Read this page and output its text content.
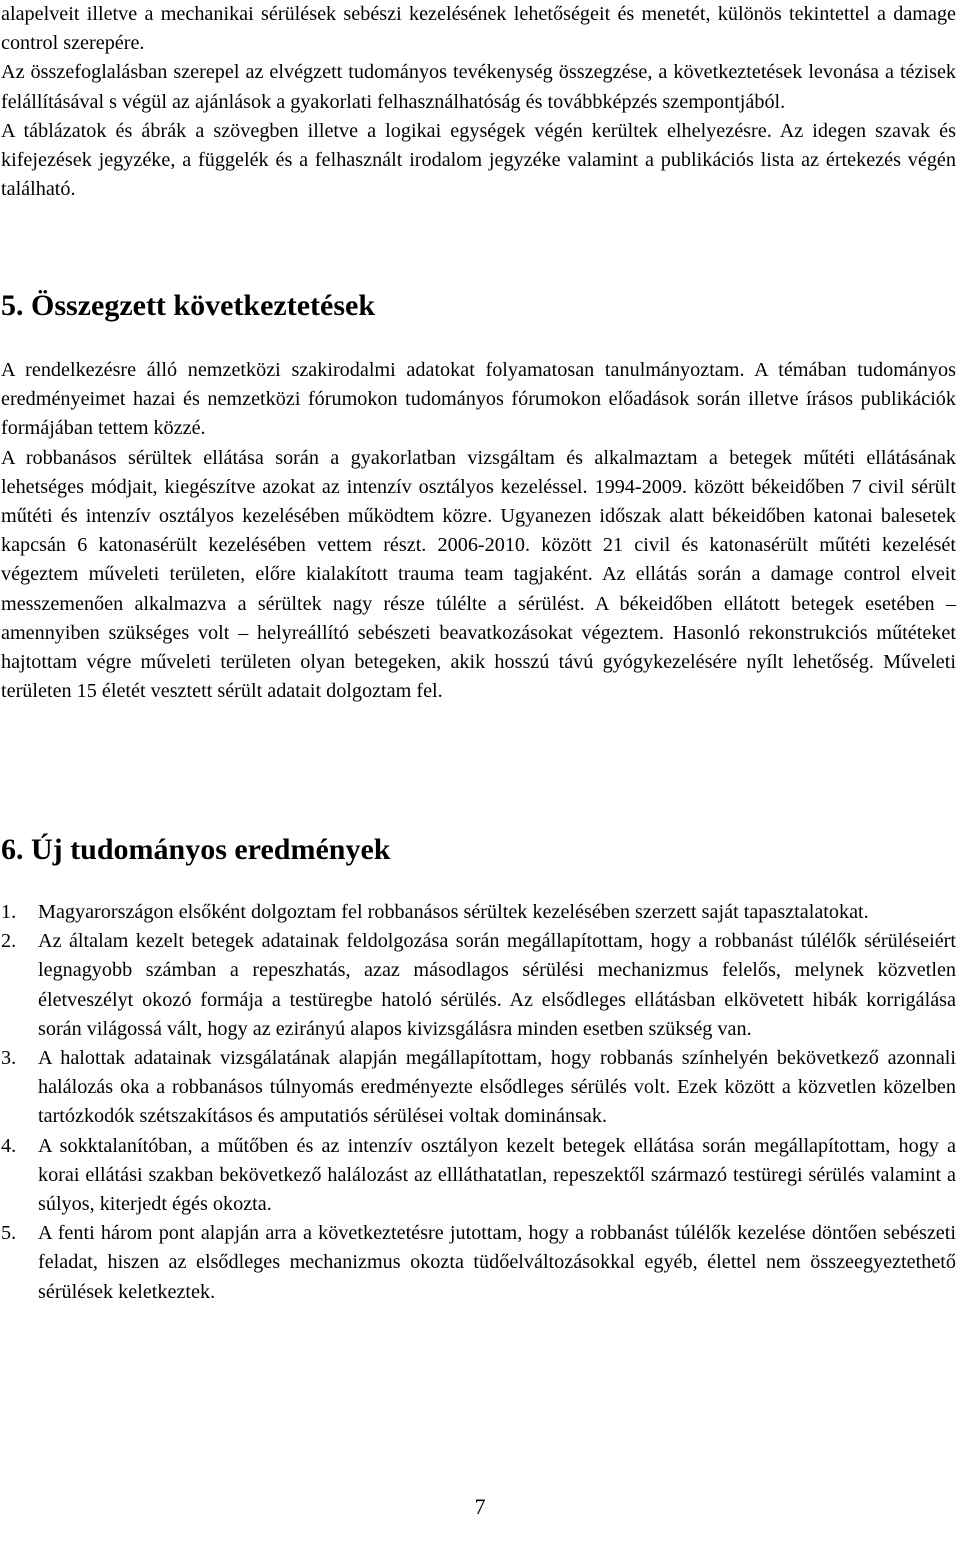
alapelveit illetve a mechanikai sérülések sebészi kezelésének lehetőségeit és menetét, különös tekintettel a damage control szerepére.

Az összefoglalásban szerepel az elvégzett tudományos tevékenység összegzése, a következtetések levonása a tézisek felállításával s végül az ajánlások a gyakorlati felhasználhatóság és továbbképzés szempontjából.

A táblázatok és ábrák a szövegben illetve a logikai egységek végén kerültek elhelyezésre. Az idegen szavak és kifejezések jegyzéke, a függelék és a felhasznált irodalom jegyzéke valamint a publikációs lista az értekezés végén található.

5. Összegzett következtetések

A rendelkezésre álló nemzetközi szakirodalmi adatokat folyamatosan tanulmányoztam. A témában tudományos eredményeimet hazai és nemzetközi fórumokon tudományos fórumokon előadások során illetve írásos publikációk formájában tettem közzé.

A robbanásos sérültek ellátása során a gyakorlatban vizsgáltam és alkalmaztam a betegek műtéti ellátásának lehetséges módjait, kiegészítve azokat az intenzív osztályos kezeléssel. 1994-2009. között békeidőben 7 civil sérült műtéti és intenzív osztályos kezelésében működtem közre. Ugyanezen időszak alatt békeidőben katonai balesetek kapcsán 6 katonasérült kezelésében vettem részt. 2006-2010. között 21 civil és katonasérült műtéti kezelését végeztem műveleti területen, előre kialakított trauma team tagjaként. Az ellátás során a damage control elveit messzemenően alkalmazva a sérültek nagy része túlélte a sérülést. A békeidőben ellátott betegek esetében – amennyiben szükséges volt – helyreállító sebészeti beavatkozásokat végeztem. Hasonló rekonstrukciós műtéteket hajtottam végre műveleti területen olyan betegeken, akik hosszú távú gyógykezelésére nyílt lehetőség. Műveleti területen 15 életét vesztett sérült adatait dolgoztam fel.

6. Új tudományos eredmények
1. Magyarországon elsőként dolgoztam fel robbanásos sérültek kezelésében szerzett saját tapasztalatokat.
2. Az általam kezelt betegek adatainak feldolgozása során megállapítottam, hogy a robbanást túlélők sérüléseiért legnagyobb számban a repeszhatás, azaz másodlagos sérülési mechanizmus felelős, melynek közvetlen életveszélyt okozó formája a testüregbe hatoló sérülés. Az elsődleges ellátásban elkövetett hibák korrigálása során világossá vált, hogy az ezirányú alapos kivizsgálásra minden esetben szükség van.
3. A halottak adatainak vizsgálatának alapján megállapítottam, hogy robbanás színhelyén bekövetkező azonnali halálozás oka a robbanásos túlnyomás eredményezte elsődleges sérülés volt. Ezek között a közvetlen közelben tartózkodók szétszakításos és amputatiós sérülései voltak dominánsak.
4. A sokktalanítóban, a műtőben és az intenzív osztályon kezelt betegek ellátása során megállapítottam, hogy a korai ellátási szakban bekövetkező halálozást az ellláthatatlan, repeszektől származó testüregi sérülés valamint a súlyos, kiterjedt égés okozta.
5. A fenti három pont alapján arra a következtetésre jutottam, hogy a robbanást túlélők kezelése döntően sebészeti feladat, hiszen az elsődleges mechanizmus okozta tüdőelváltozásokkal egyéb, élettel nem összeegyeztethető sérülések keletkeztek.
7
